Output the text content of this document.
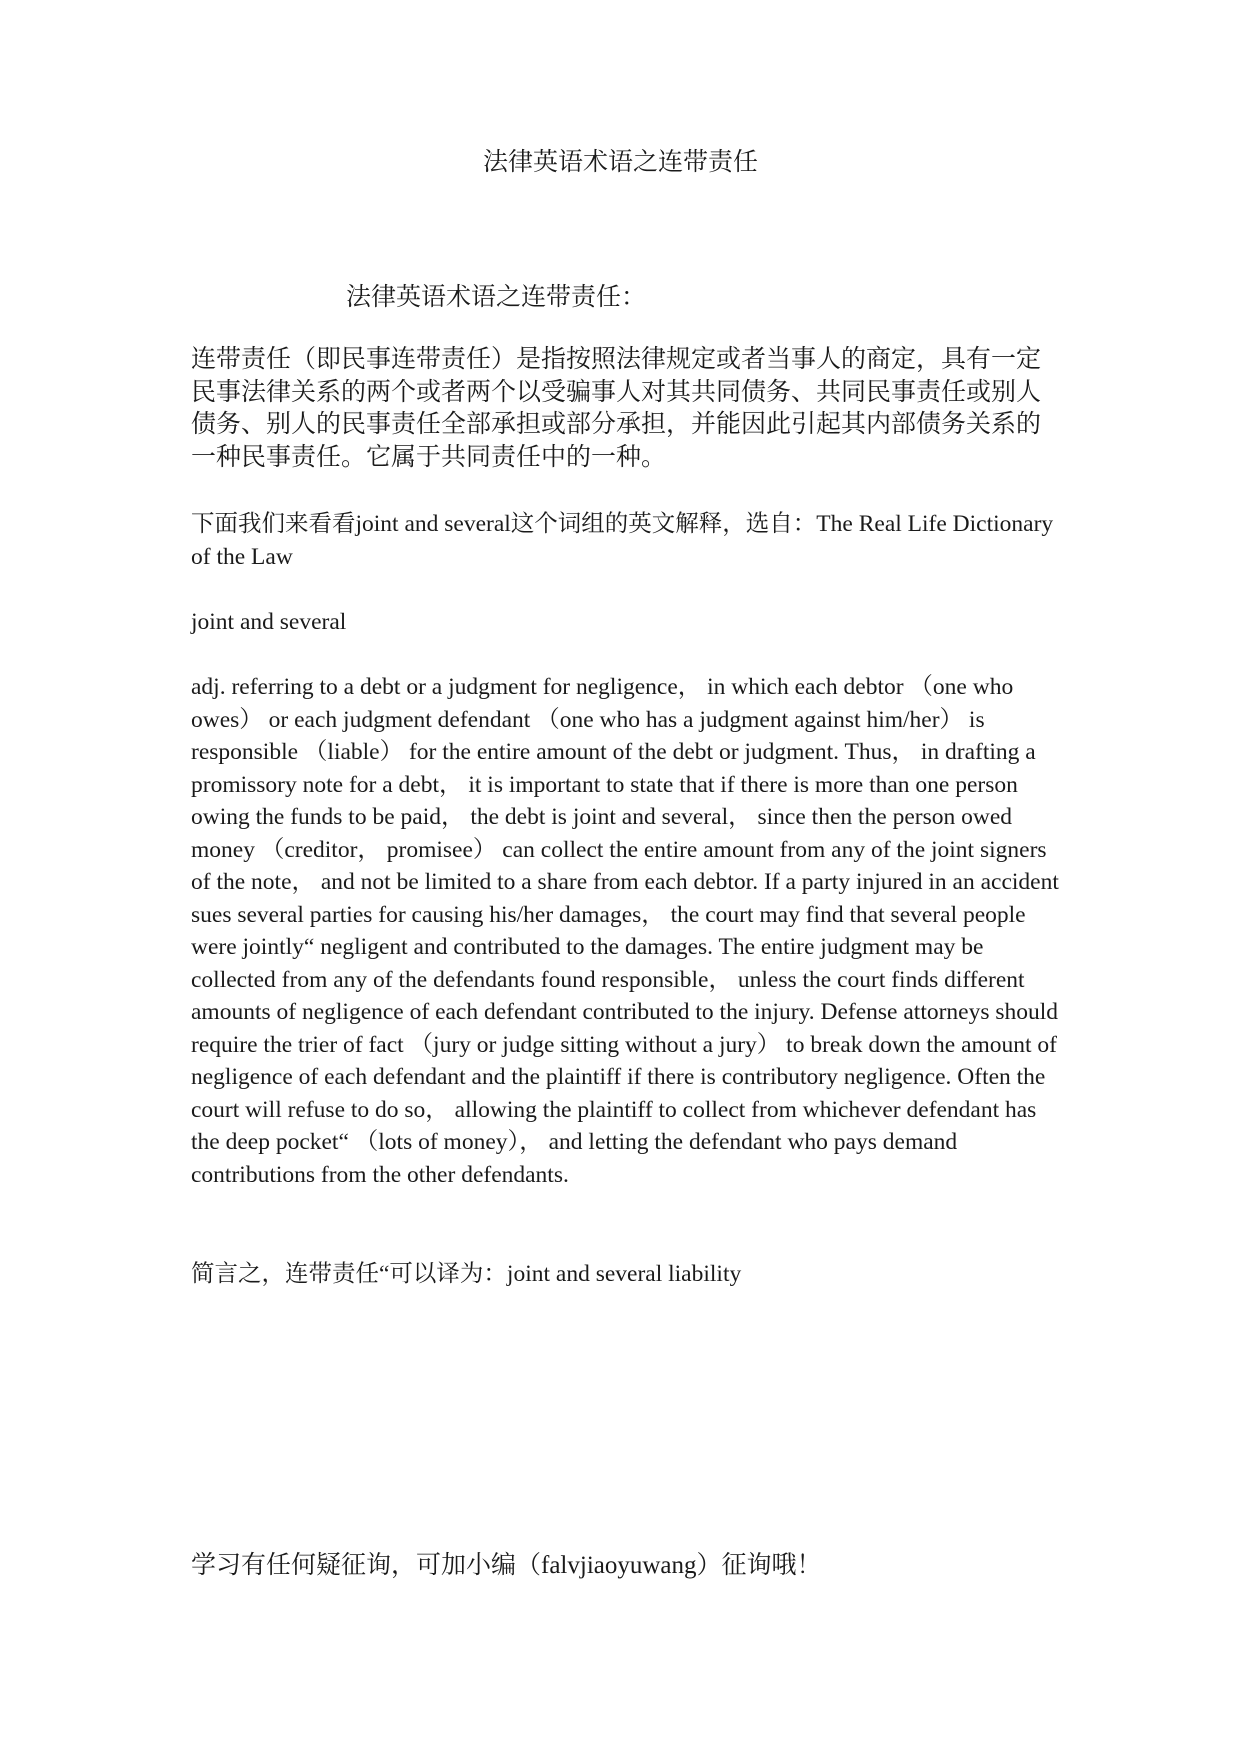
法律英语术语之连带责任
法律英语术语之连带责任：
连带责任（即民事连带责任）是指按照法律规定或者当事人的商定，具有一定民事法律关系的两个或者两个以受骗事人对其共同债务、共同民事责任或别人债务、别人的民事责任全部承担或部分承担，并能因此引起其内部债务关系的一种民事责任。它属于共同责任中的一种。
下面我们来看看joint and several这个词组的英文解释，选自：The Real Life Dictionary of the Law
joint and several
adj. referring to a debt or a judgment for negligence， in which each debtor （one who owes） or each judgment defendant （one who has a judgment against him/her） is responsible （liable） for the entire amount of the debt or judgment. Thus， in drafting a promissory note for a debt， it is important to state that if there is more than one person owing the funds to be paid， the debt is joint and several， since then the person owed money （creditor， promisee） can collect the entire amount from any of the joint signers of the note， and not be limited to a share from each debtor. If a party injured in an accident sues several parties for causing his/her damages， the court may find that several people were jointly“ negligent and contributed to the damages. The entire judgment may be collected from any of the defendants found responsible， unless the court finds different amounts of negligence of each defendant contributed to the injury. Defense attorneys should require the trier of fact （jury or judge sitting without a jury） to break down the amount of negligence of each defendant and the plaintiff if there is contributory negligence. Often the court will refuse to do so， allowing the plaintiff to collect from whichever defendant has the deep pocket“ （lots of money）， and letting the defendant who pays demand contributions from the other defendants.
简言之，连带责任“可以译为：joint and several liability
学习有任何疑征询，可加小编（falvjiaoyuwang）征询哦！
